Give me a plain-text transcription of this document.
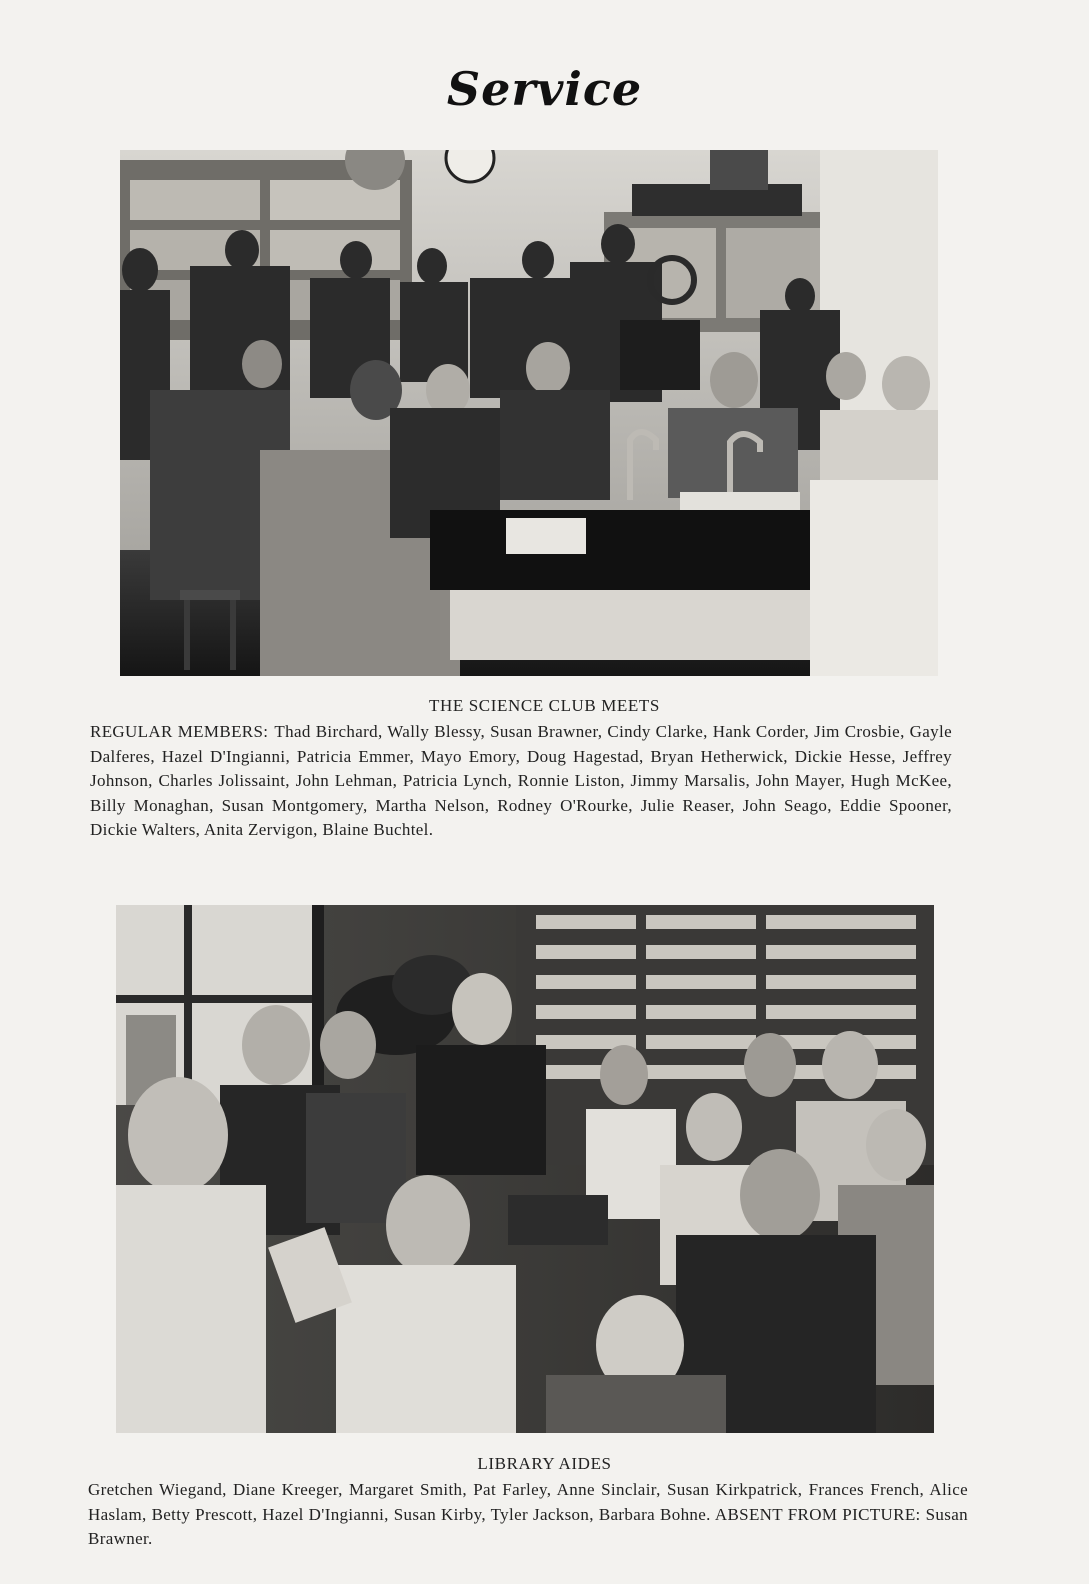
Service
THE SCIENCE CLUB MEETS
REGULAR MEMBERS: Thad Birchard, Wally Blessy, Susan Brawner, Cindy Clarke, Hank Corder, Jim Crosbie, Gayle Dalferes, Hazel D'Ingianni, Patricia Emmer, Mayo Emory, Doug Hagestad, Bryan Hetherwick, Dickie Hesse, Jeffrey Johnson, Charles Jolissaint, John Lehman, Patricia Lynch, Ronnie Liston, Jimmy Marsalis, John Mayer, Hugh McKee, Billy Monaghan, Susan Montgomery, Martha Nelson, Rodney O'Rourke, Julie Reaser, John Seago, Eddie Spooner, Dickie Walters, Anita Zervigon, Blaine Buchtel.
LIBRARY AIDES
Gretchen Wiegand, Diane Kreeger, Margaret Smith, Pat Farley, Anne Sinclair, Susan Kirkpatrick, Frances French, Alice Haslam, Betty Prescott, Hazel D'Ingianni, Susan Kirby, Tyler Jackson, Barbara Bohne. ABSENT FROM PICTURE: Susan Brawner.
